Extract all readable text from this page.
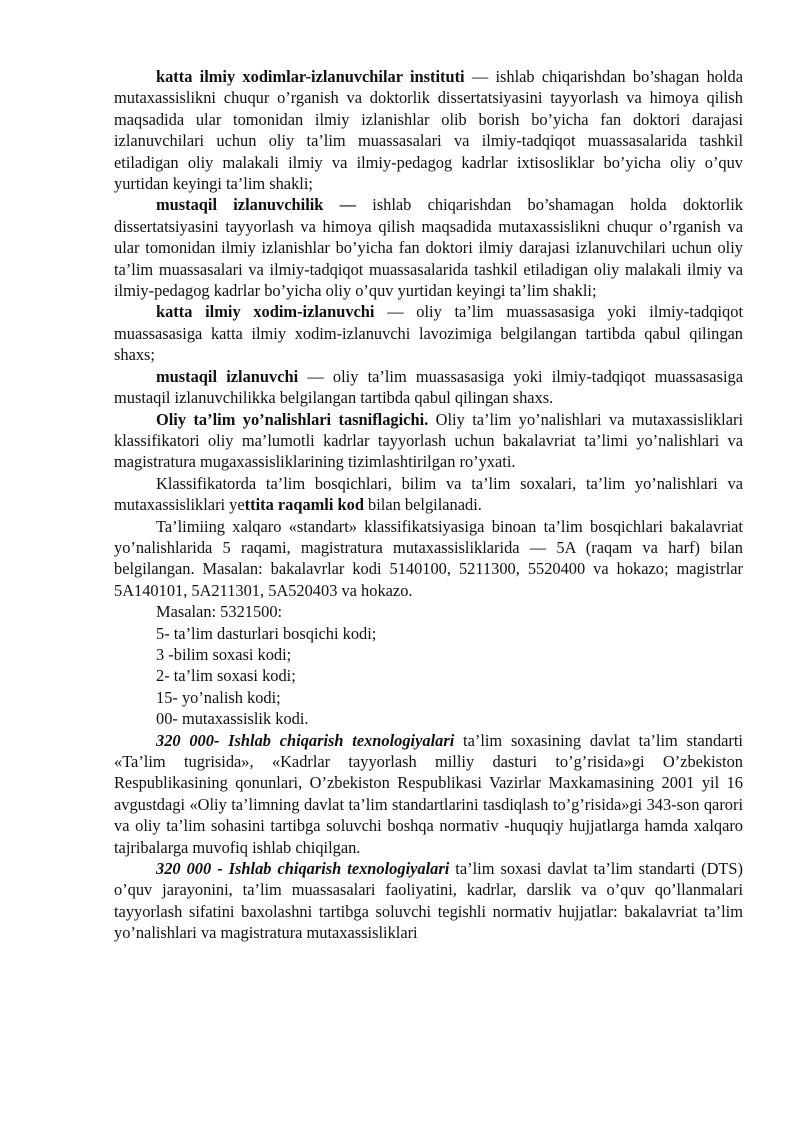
katta ilmiy xodimlar-izlanuvchilar instituti — ishlab chiqarishdan bo’shagan holda mutaxassislikni chuqur o’rganish va doktorlik dissertatsiyasini tayyorlash va himoya qilish maqsadida ular tomonidan ilmiy izlanishlar olib borish bo’yicha fan doktori darajasi izlanuvchilari uchun oliy ta’lim muassasalari va ilmiy-tadqiqot muassasalarida tashkil etiladigan oliy malakali ilmiy va ilmiy-pedagog kadrlar ixtisosliklar bo’yicha oliy o’quv yurtidan keyingi ta’lim shakli;

mustaqil izlanuvchilik — ishlab chiqarishdan bo’shamagan holda doktorlik dissertatsiyasini tayyorlash va himoya qilish maqsadida mutaxassislikni chuqur o’rganish va ular tomonidan ilmiy izlanishlar bo’yicha fan doktori ilmiy darajasi izlanuvchilari uchun oliy ta’lim muassasalari va ilmiy-tadqiqot muassasalarida tashkil etiladigan oliy malakali ilmiy va ilmiy-pedagog kadrlar bo’yicha oliy o’quv yurtidan keyingi ta’lim shakli;

katta ilmiy xodim-izlanuvchi — oliy ta’lim muassasasiga yoki ilmiy-tadqiqot muassasasiga katta ilmiy xodim-izlanuvchi lavozimiga belgilangan tartibda qabul qilingan shaxs;

mustaqil izlanuvchi — oliy ta’lim muassasasiga yoki ilmiy-tadqiqot muassasasiga mustaqil izlanuvchilikka belgilangan tartibda qabul qilingan shaxs.

Oliy ta’lim yo’nalishlari tasniflagichi. Oliy ta’lim yo’nalishlari va mutaxassisliklari klassifikatori oliy ma’lumotli kadrlar tayyorlash uchun bakalavriat ta’limi yo’nalishlari va magistratura mugaxassisliklarining tizimlashtirilgan ro’yxati.

Klassifikatorda ta’lim bosqichlari, bilim va ta’lim soxalari, ta’lim yo’nalishlari va mutaxassisliklari yettita raqamli kod bilan belgilanadi.

Ta’limiing xalqaro «standart» klassifikatsiyasiga binoan ta’lim bosqichlari bakalavriat yo’nalishlarida 5 raqami, magistratura mutaxassisliklarida — 5A (raqam va harf) bilan belgilangan. Masalan: bakalavrlar kodi 5140100, 5211300, 5520400 va hokazo; magistrlar 5A140101, 5A211301, 5A520403 va hokazo.

Masalan: 5321500:

5- ta’lim dasturlari bosqichi kodi;

3 -bilim soxasi kodi;

2- ta’lim soxasi kodi;

15- yo’nalish kodi;

00- mutaxassislik kodi.

320 000- Ishlab chiqarish texnologiyalari ta’lim soxasining davlat ta’lim standarti «Ta’lim tugrisida», «Kadrlar tayyorlash milliy dasturi to’g’risida»gi O’zbekiston Respublikasining qonunlari, O’zbekiston Respublikasi Vazirlar Maxkamasining 2001 yil 16 avgustdagi «Oliy ta’limning davlat ta’lim standartlarini tasdiqlash to’g’risida»gi 343-son qarori va oliy ta’lim sohasini tartibga soluvchi boshqa normativ -huquqiy hujjatlarga hamda xalqaro tajribalarga muvofiq ishlab chiqilgan.

320 000 - Ishlab chiqarish texnologiyalari ta’lim soxasi davlat ta’lim standarti (DTS) o’quv jarayonini, ta’lim muassasalari faoliyatini, kadrlar, darslik va o’quv qo’llanmalari tayyorlash sifatini baxolashni tartibga soluvchi tegishli normativ hujjatlar: bakalavriat ta’lim yo’nalishlari va magistratura mutaxassisliklari
